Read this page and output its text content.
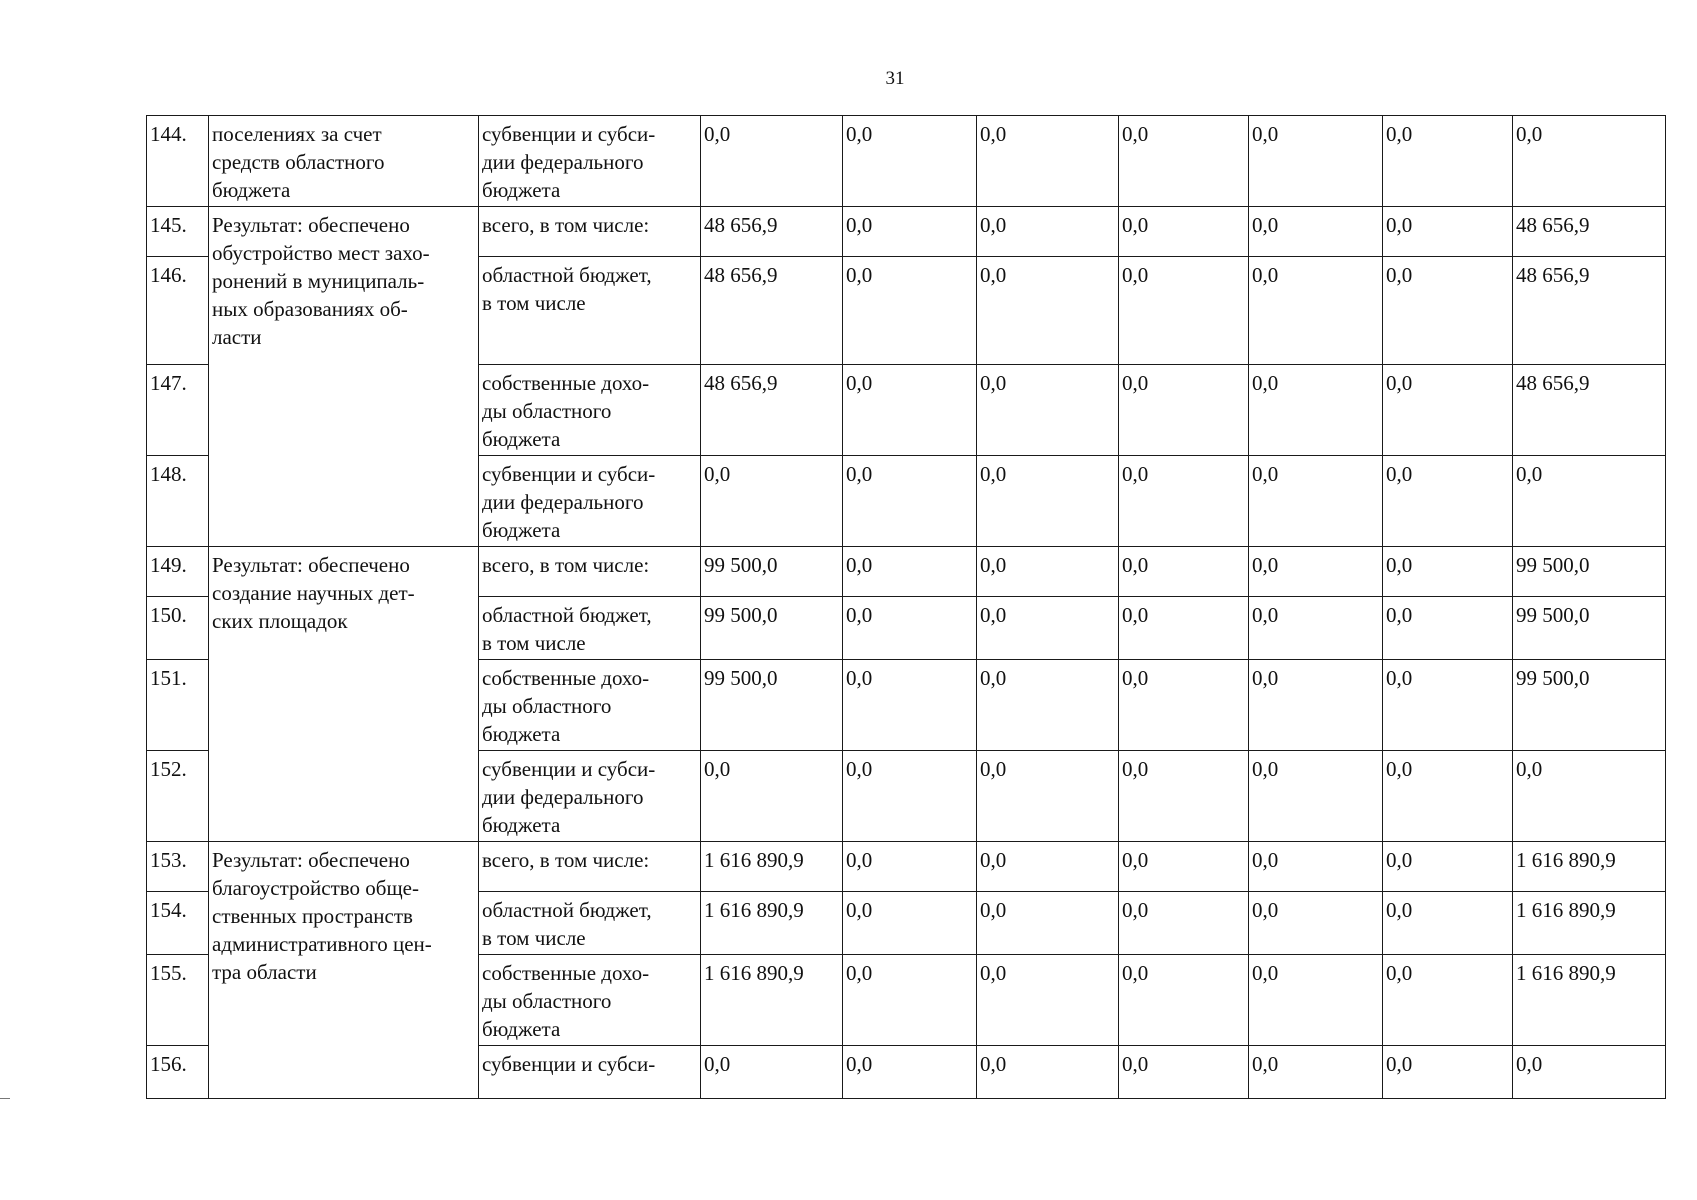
31
144.	поселениях за счет
средств областного
бюджета	субвенции и субси-
дии федерального
бюджета	0,0	0,0	0,0	0,0	0,0	0,0	0,0
145.	Результат: обеспечено
обустройство мест захо-
ронений в муниципаль-
ных образованиях об-
ласти	всего, в том числе:	48 656,9	0,0	0,0	0,0	0,0	0,0	48 656,9
146.		областной бюджет,
в том числе	48 656,9	0,0	0,0	0,0	0,0	0,0	48 656,9
147.		собственные дохо-
ды областного
бюджета	48 656,9	0,0	0,0	0,0	0,0	0,0	48 656,9
148.		субвенции и субси-
дии федерального
бюджета	0,0	0,0	0,0	0,0	0,0	0,0	0,0
149.	Результат: обеспечено
создание научных дет-
ских площадок	всего, в том числе:	99 500,0	0,0	0,0	0,0	0,0	0,0	99 500,0
150.		областной бюджет,
в том числе	99 500,0	0,0	0,0	0,0	0,0	0,0	99 500,0
151.		собственные дохо-
ды областного
бюджета	99 500,0	0,0	0,0	0,0	0,0	0,0	99 500,0
152.		субвенции и субси-
дии федерального
бюджета	0,0	0,0	0,0	0,0	0,0	0,0	0,0
153.	Результат: обеспечено
благоустройство обще-
ственных пространств
административного цен-
тра области	всего, в том числе:	1 616 890,9	0,0	0,0	0,0	0,0	0,0	1 616 890,9
154.		областной бюджет,
в том числе	1 616 890,9	0,0	0,0	0,0	0,0	0,0	1 616 890,9
155.		собственные дохо-
ды областного
бюджета	1 616 890,9	0,0	0,0	0,0	0,0	0,0	1 616 890,9
156.		субвенции и субси-	0,0	0,0	0,0	0,0	0,0	0,0	0,0
